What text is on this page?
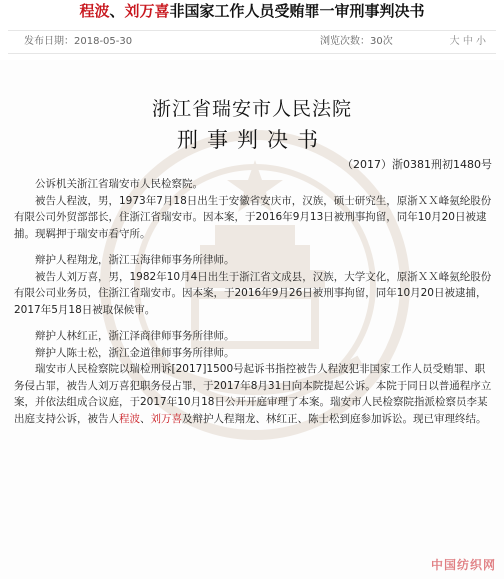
程波、刘万喜非国家工作人员受贿罪一审刑事判决书
发布日期：2018-05-30	浏览次数：30次	大 中 小
浙江省瑞安市人民法院
刑事判决书
（2017）浙0381刑初1480号

公诉机关浙江省瑞安市人民检察院。

被告人程波，男，1973年7月18日出生于安徽省安庆市，汉族，硕士研究生，原浙ＸＸ峰氨纶股份有限公司外贸部部长，住浙江省瑞安市。因本案，于2016年9月13日被刑事拘留，同年10月20日被逮捕。现羁押于瑞安市看守所。

辩护人程翔龙，浙江玉海律师事务所律师。

被告人刘万喜，男，1982年10月4日出生于浙江省文成县，汉族，大学文化，原浙ＸＸ峰氨纶股份有限公司业务员，住浙江省瑞安市。因本案，于2016年9月26日被刑事拘留，同年10月20日被逮捕，2017年5月18日被取保候审。

辩护人林红正，浙江泽商律师事务所律师。

辩护人陈士松，浙江金道律师事务所律师。

瑞安市人民检察院以瑞检刑诉[2017]1500号起诉书指控被告人程波犯非国家工作人员受贿罪、职务侵占罪，被告人刘万喜犯职务侵占罪，于2017年8月31日向本院提起公诉。本院于同日以普通程序立案，并依法组成合议庭，于2017年10月18日公开开庭审理了本案。瑞安市人民检察院指派检察员李某出庭支持公诉，被告人程波、刘万喜及辩护人程翔龙、林红正、陈士松到庭参加诉讼。现已审理终结。

中国纺织网
